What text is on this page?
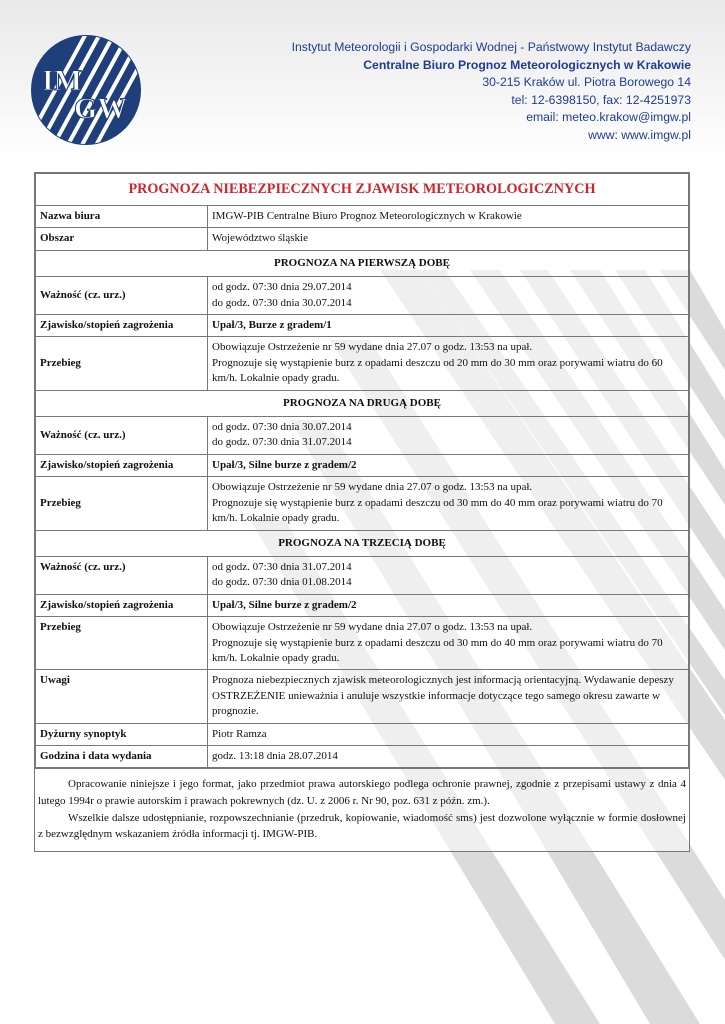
IM
GW
Instytut Meteorologii i Gospodarki Wodnej - Państwowy Instytut Badawczy
Centralne Biuro Prognoz Meteorologicznych w Krakowie
30-215 Kraków ul. Piotra Borowego 14
tel: 12-6398150, fax: 12-4251973
email: meteo.krakow@imgw.pl
www: www.imgw.pl
PROGNOZA NIEBEZPIECZNYCH ZJAWISK METEOROLOGICZNYCH	
Nazwa biura	IMGW-PIB Centralne Biuro Prognoz Meteorologicznych w Krakowie
Obszar	Województwo śląskie
PROGNOZA NA PIERWSZĄ DOBĘ	
Ważność (cz. urz.)	od godz. 07:30 dnia 29.07.2014
do godz. 07:30 dnia 30.07.2014

Zjawisko/stopień zagrożenia	Upał/3, Burze z gradem/1
Przebieg	Obowiązuje Ostrzeżenie nr 59 wydane dnia 27.07 o godz. 13:53 na upał.
Prognozuje się wystąpienie burz z opadami deszczu od 20 mm do 30 mm oraz porywami wiatru do 60 km/h. Lokalnie opady gradu.

PROGNOZA NA DRUGĄ DOBĘ	
Ważność (cz. urz.)	od godz. 07:30 dnia 30.07.2014
do godz. 07:30 dnia 31.07.2014

Zjawisko/stopień zagrożenia	Upał/3, Silne burze z gradem/2
Przebieg	Obowiązuje Ostrzeżenie nr 59 wydane dnia 27.07 o godz. 13:53 na upał.
Prognozuje się wystąpienie burz z opadami deszczu od 30 mm do 40 mm oraz porywami wiatru do 70 km/h. Lokalnie opady gradu.

PROGNOZA NA TRZECIĄ DOBĘ	
Ważność (cz. urz.)	od godz. 07:30 dnia 31.07.2014
do godz. 07:30 dnia 01.08.2014

Zjawisko/stopień zagrożenia	Upał/3, Silne burze z gradem/2
Przebieg	Obowiązuje Ostrzeżenie nr 59 wydane dnia 27.07 o godz. 13:53 na upał.
Prognozuje się wystąpienie burz z opadami deszczu od 30 mm do 40 mm oraz porywami wiatru do 70 km/h. Lokalnie opady gradu.

Uwagi	Prognoza niebezpiecznych zjawisk meteorologicznych jest informacją orientacyjną. Wydawanie depeszy OSTRZEŻENIE unieważnia i anuluje wszystkie informacje dotyczące tego samego okresu zawarte w prognozie.
Dyżurny synoptyk	Piotr Ramza
Godzina i data wydania	godz. 13:18 dnia 28.07.2014

Opracowanie niniejsze i jego format, jako przedmiot prawa autorskiego podlega ochronie prawnej, zgodnie z przepisami ustawy z dnia 4 lutego 1994r o prawie autorskim i prawach pokrewnych (dz. U. z 2006 r. Nr 90, poz. 631 z późn. zm.).

Wszelkie dalsze udostępnianie, rozpowszechnianie (przedruk, kopiowanie, wiadomość sms) jest dozwolone wyłącznie w formie dosłownej z bezwzględnym wskazaniem źródła informacji tj. IMGW-PIB.
